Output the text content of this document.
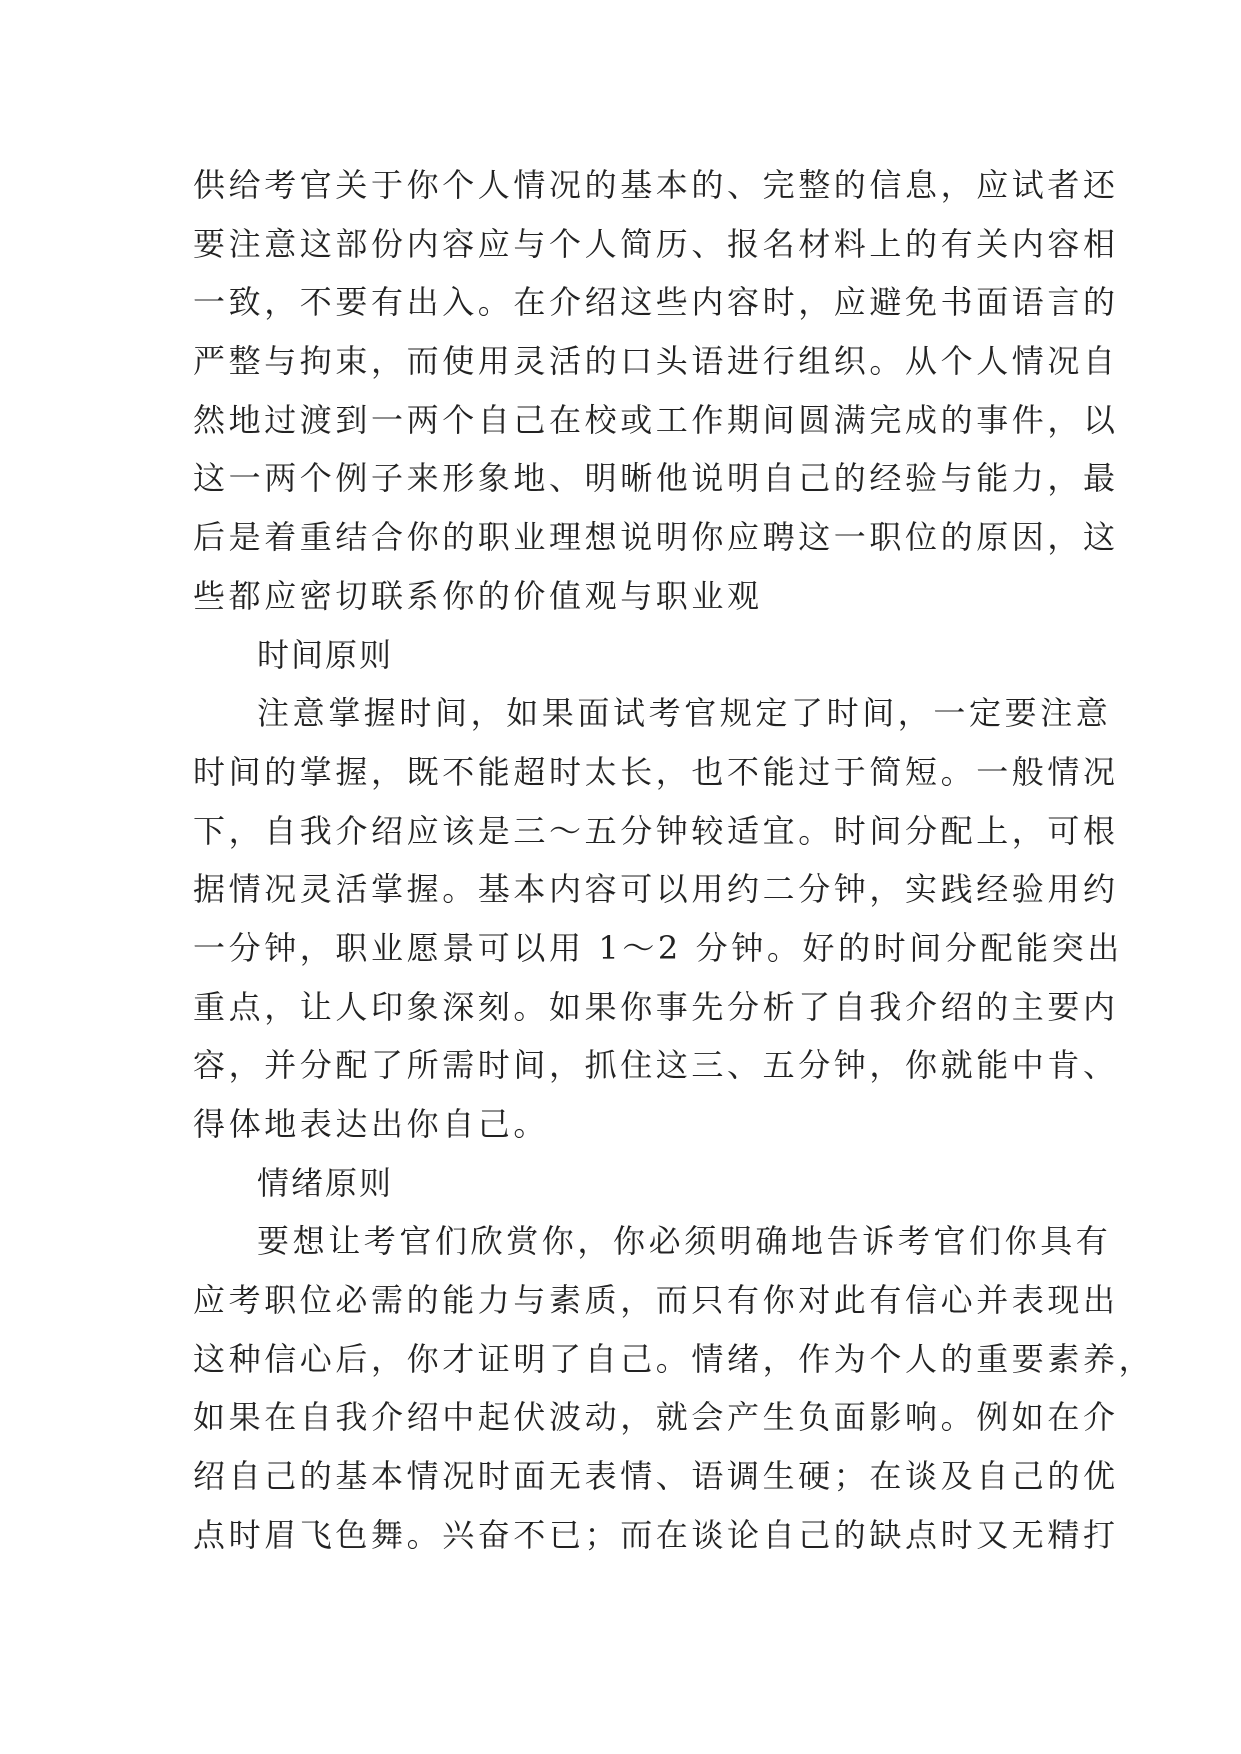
供给考官关于你个人情况的基本的、完整的信息，应试者还
要注意这部份内容应与个人简历、报名材料上的有关内容相
一致，不要有出入。在介绍这些内容时，应避免书面语言的
严整与拘束，而使用灵活的口头语进行组织。从个人情况自
然地过渡到一两个自己在校或工作期间圆满完成的事件，以
这一两个例子来形象地、明晰他说明自己的经验与能力，最
后是着重结合你的职业理想说明你应聘这一职位的原因，这
些都应密切联系你的价值观与职业观
时间原则
注意掌握时间，如果面试考官规定了时间，一定要注意
时间的掌握，既不能超时太长，也不能过于简短。一般情况
下，自我介绍应该是三～五分钟较适宜。时间分配上，可根
据情况灵活掌握。基本内容可以用约二分钟，实践经验用约
一分钟，职业愿景可以用 1～2 分钟。好的时间分配能突出
重点，让人印象深刻。如果你事先分析了自我介绍的主要内
容，并分配了所需时间，抓住这三、五分钟，你就能中肯、
得体地表达出你自己。
情绪原则
要想让考官们欣赏你，你必须明确地告诉考官们你具有
应考职位必需的能力与素质，而只有你对此有信心并表现出
这种信心后，你才证明了自己。情绪，作为个人的重要素养，
如果在自我介绍中起伏波动，就会产生负面影响。例如在介
绍自己的基本情况时面无表情、语调生硬；在谈及自己的优
点时眉飞色舞。兴奋不已；而在谈论自己的缺点时又无精打
